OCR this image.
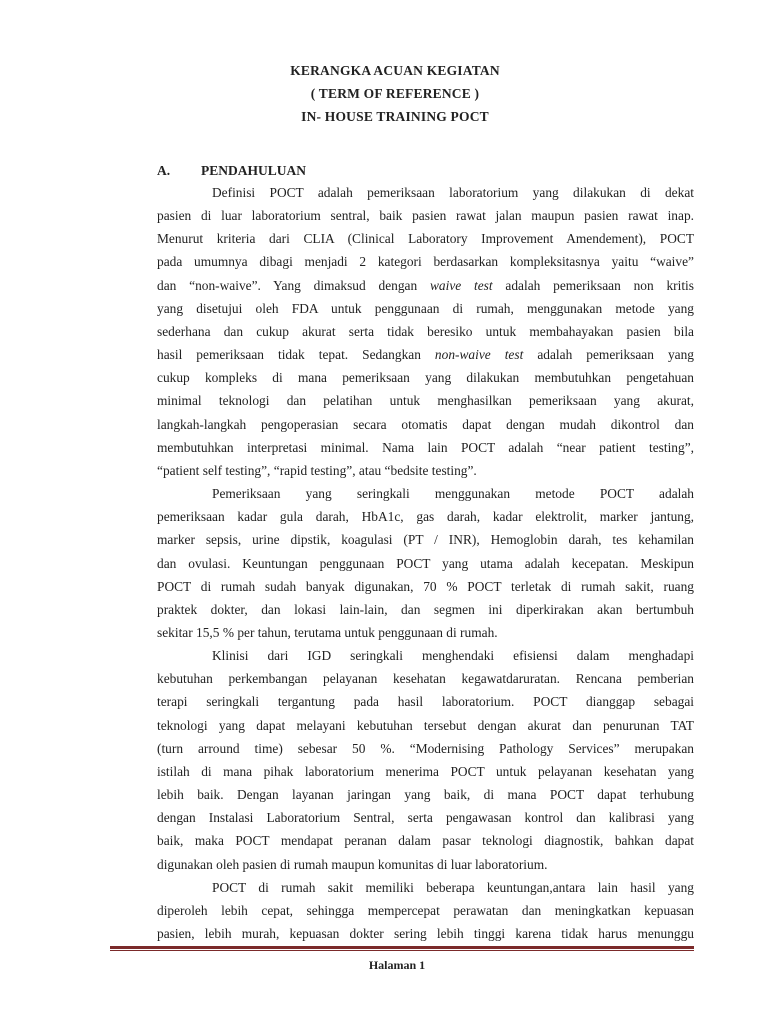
KERANGKA ACUAN KEGIATAN
( TERM OF REFERENCE )
IN- HOUSE TRAINING POCT
A. PENDAHULUAN
Definisi POCT adalah pemeriksaan laboratorium yang dilakukan di dekat
pasien di luar laboratorium sentral, baik pasien rawat jalan maupun pasien rawat inap.
Menurut kriteria dari CLIA (Clinical Laboratory Improvement Amendement), POCT
pada umumnya dibagi menjadi 2 kategori berdasarkan kompleksitasnya yaitu “waive”
dan “non-waive”. Yang dimaksud dengan waive test adalah pemeriksaan non kritis
yang disetujui oleh FDA untuk penggunaan di rumah, menggunakan metode yang
sederhana dan cukup akurat serta tidak beresiko untuk membahayakan pasien bila
hasil pemeriksaan tidak tepat. Sedangkan non-waive test adalah pemeriksaan yang
cukup kompleks di mana pemeriksaan yang dilakukan membutuhkan pengetahuan
minimal teknologi dan pelatihan untuk menghasilkan pemeriksaan yang akurat,
langkah-langkah pengoperasian secara otomatis dapat dengan mudah dikontrol dan
membutuhkan interpretasi minimal. Nama lain POCT adalah “near patient testing”,
“patient self testing”, “rapid testing”, atau “bedsite testing”.
Pemeriksaan yang seringkali menggunakan metode POCT adalah
pemeriksaan kadar gula darah, HbA1c, gas darah, kadar elektrolit, marker jantung,
marker sepsis, urine dipstik, koagulasi (PT / INR), Hemoglobin darah, tes kehamilan
dan ovulasi. Keuntungan penggunaan POCT yang utama adalah kecepatan. Meskipun
POCT di rumah sudah banyak digunakan, 70 % POCT terletak di rumah sakit, ruang
praktek dokter, dan lokasi lain-lain, dan segmen ini diperkirakan akan bertumbuh
sekitar 15,5 % per tahun, terutama untuk penggunaan di rumah.
Klinisi dari IGD seringkali menghendaki efisiensi dalam menghadapi
kebutuhan perkembangan pelayanan kesehatan kegawatdaruratan. Rencana pemberian
terapi seringkali tergantung pada hasil laboratorium. POCT dianggap sebagai
teknologi yang dapat melayani kebutuhan tersebut dengan akurat dan penurunan TAT
(turn arround time) sebesar 50 %. “Modernising Pathology Services” merupakan
istilah di mana pihak laboratorium menerima POCT untuk pelayanan kesehatan yang
lebih baik. Dengan layanan jaringan yang baik, di mana POCT dapat terhubung
dengan Instalasi Laboratorium Sentral, serta pengawasan kontrol dan kalibrasi yang
baik, maka POCT mendapat peranan dalam pasar teknologi diagnostik, bahkan dapat
digunakan oleh pasien di rumah maupun komunitas di luar laboratorium.
POCT di rumah sakit memiliki beberapa keuntungan,antara lain hasil yang
diperoleh lebih cepat, sehingga mempercepat perawatan dan meningkatkan kepuasan
pasien, lebih murah, kepuasan dokter sering lebih tinggi karena tidak harus menunggu
Halaman 1
